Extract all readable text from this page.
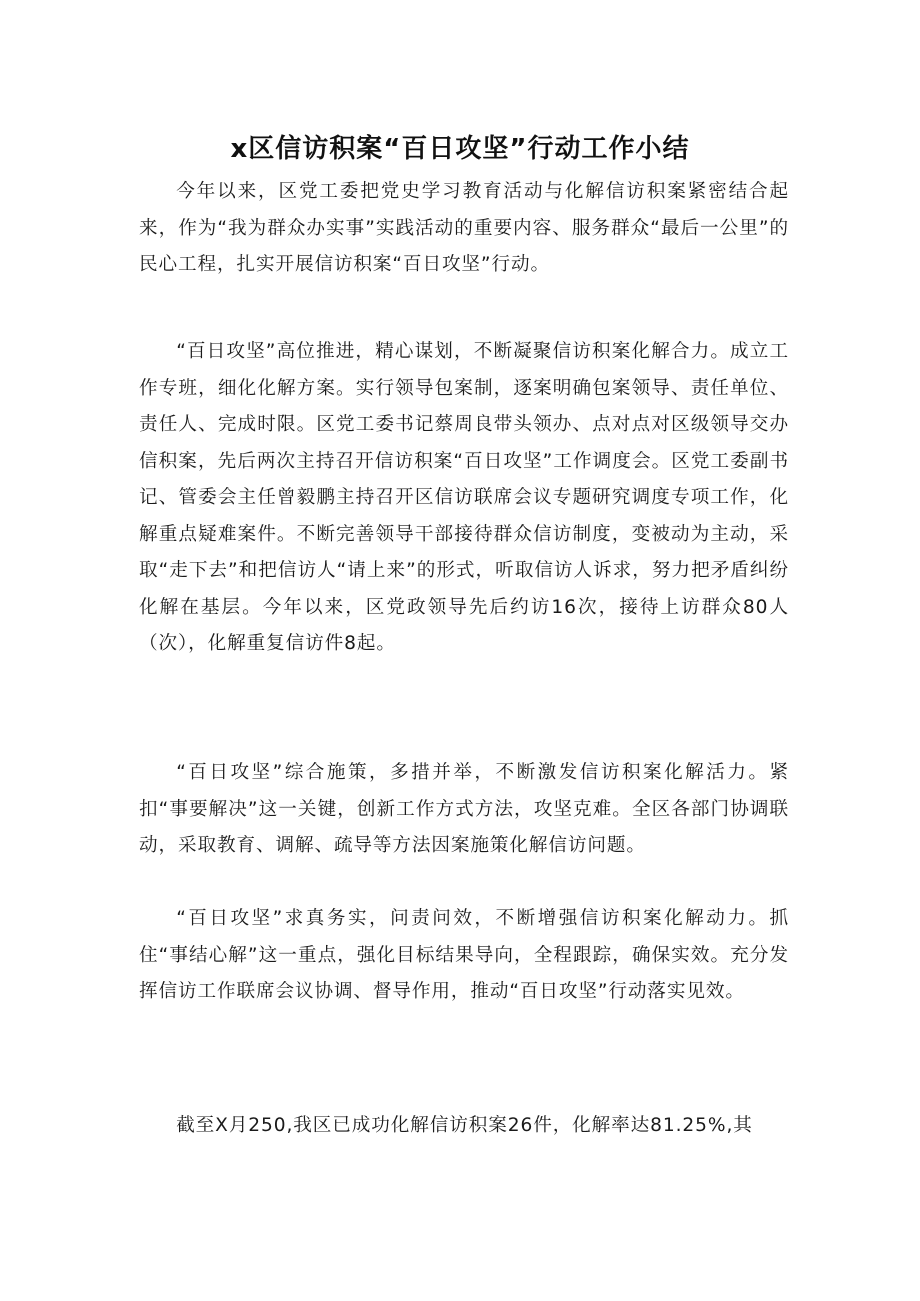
x区信访积案“百日攻坚”行动工作小结

今年以来，区党工委把党史学习教育活动与化解信访积案紧密结合起来，作为“我为群众办实事”实践活动的重要内容、服务群众“最后一公里”的民心工程，扎实开展信访积案“百日攻坚”行动。

“百日攻坚”高位推进，精心谋划，不断凝聚信访积案化解合力。成立工作专班，细化化解方案。实行领导包案制，逐案明确包案领导、责任单位、责任人、完成时限。区党工委书记蔡周良带头领办、点对点对区级领导交办信积案，先后两次主持召开信访积案“百日攻坚”工作调度会。区党工委副书记、管委会主任曾毅鹏主持召开区信访联席会议专题研究调度专项工作，化解重点疑难案件。不断完善领导干部接待群众信访制度，变被动为主动，采取“走下去”和把信访人“请上来”的形式，听取信访人诉求，努力把矛盾纠纷化解在基层。今年以来，区党政领导先后约访16次，接待上访群众80人（次），化解重复信访件8起。

“百日攻坚”综合施策，多措并举，不断激发信访积案化解活力。紧扣“事要解决”这一关键，创新工作方式方法，攻坚克难。全区各部门协调联动，采取教育、调解、疏导等方法因案施策化解信访问题。

“百日攻坚”求真务实，问责问效，不断增强信访积案化解动力。抓住“事结心解”这一重点，强化目标结果导向，全程跟踪，确保实效。充分发挥信访工作联席会议协调、督导作用，推动“百日攻坚”行动落实见效。

截至X月250,我区已成功化解信访积案26件，化解率达81.25%,其
